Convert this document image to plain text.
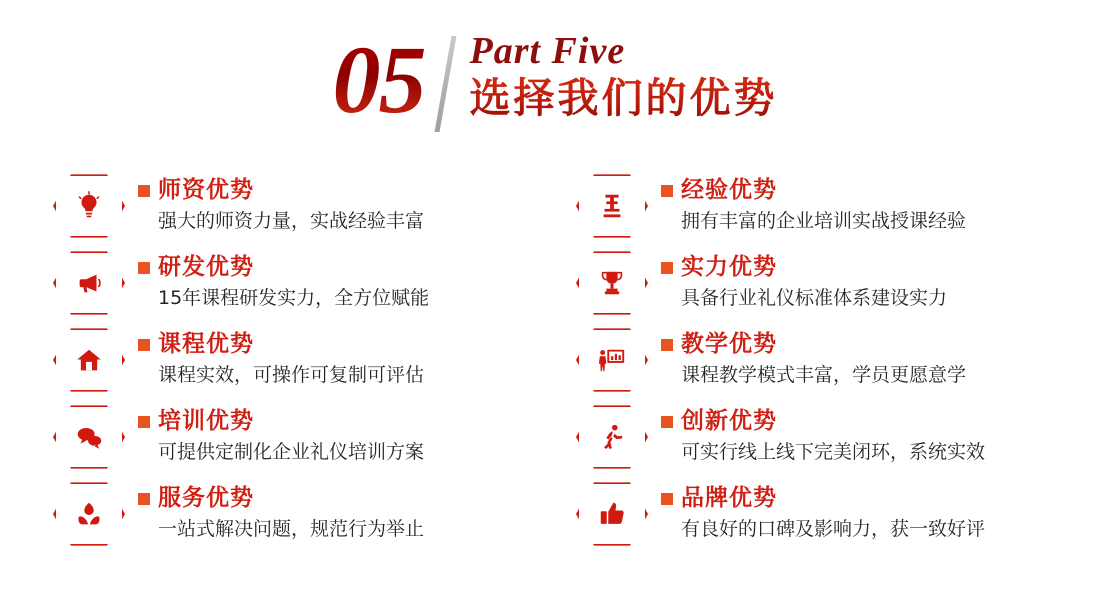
05 Part Five
选择我们的优势
师资优势
强大的师资力量，实战经验丰富
研发优势
15年课程研发实力，全方位赋能
课程优势
课程实效，可操作可复制可评估
培训优势
可提供定制化企业礼仪培训方案
服务优势
一站式解决问题，规范行为举止
经验优势
拥有丰富的企业培训实战授课经验
实力优势
具备行业礼仪标准体系建设实力
教学优势
课程教学模式丰富，学员更愿意学
创新优势
可实行线上线下完美闭环，系统实效
品牌优势
有良好的口碑及影响力，获一致好评
